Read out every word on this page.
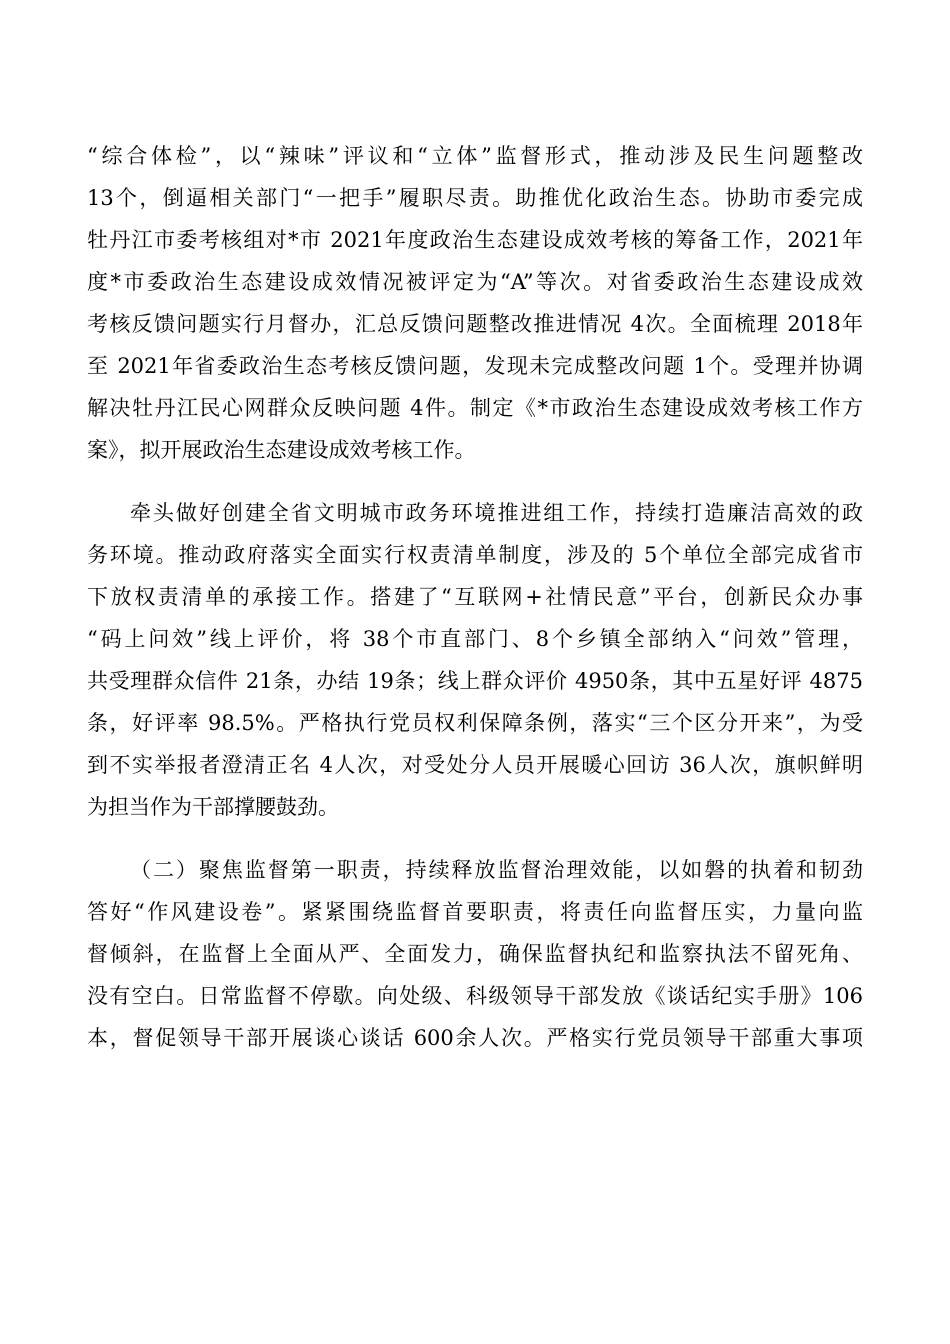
“综合体检”，以“辣味”评议和“立体”监督形式，推动涉及民生问题整改
13个，倒逼相关部门“一把手”履职尽责。助推优化政治生态。协助市委完成
牡丹江市委考核组对*市 2021年度政治生态建设成效考核的筹备工作，2021年
度*市委政治生态建设成效情况被评定为“A”等次。对省委政治生态建设成效
考核反馈问题实行月督办，汇总反馈问题整改推进情况 4次。全面梳理 2018年
至 2021年省委政治生态考核反馈问题，发现未完成整改问题 1个。受理并协调
解决牡丹江民心网群众反映问题 4件。制定《*市政治生态建设成效考核工作方
案》，拟开展政治生态建设成效考核工作。
牵头做好创建全省文明城市政务环境推进组工作，持续打造廉洁高效的政
务环境。推动政府落实全面实行权责清单制度，涉及的 5个单位全部完成省市
下放权责清单的承接工作。搭建了“互联网+社情民意”平台，创新民众办事
“码上问效”线上评价，将 38个市直部门、8个乡镇全部纳入“问效”管理，
共受理群众信件 21条，办结 19条；线上群众评价 4950条，其中五星好评 4875
条，好评率 98.5%。严格执行党员权利保障条例，落实“三个区分开来”，为受
到不实举报者澄清正名 4人次，对受处分人员开展暖心回访 36人次，旗帜鲜明
为担当作为干部撑腰鼓劲。
（二）聚焦监督第一职责，持续释放监督治理效能，以如磐的执着和韧劲
答好“作风建设卷”。紧紧围绕监督首要职责，将责任向监督压实，力量向监
督倾斜，在监督上全面从严、全面发力，确保监督执纪和监察执法不留死角、
没有空白。日常监督不停歇。向处级、科级领导干部发放《谈话纪实手册》106
本，督促领导干部开展谈心谈话 600余人次。严格实行党员领导干部重大事项
